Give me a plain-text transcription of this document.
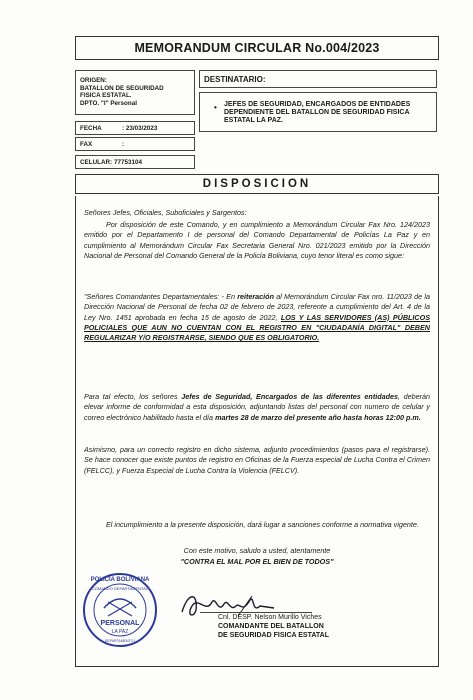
MEMORANDUM CIRCULAR No.004/2023
ORIGEN:
BATALLON DE SEGURIDAD
FISICA ESTATAL.
DPTO. "I" Personal
DESTINATARIO:
• JEFES DE SEGURIDAD, ENCARGADOS DE ENTIDADES DEPENDIENTE DEL BATALLON DE SEGURIDAD FISICA ESTATAL LA PAZ.
FECHA	: 23/03/2023
FAX	:
CELULAR: 77753104
DISPOSICION
Señores Jefes, Oficiales, Suboficiales y Sargentos:
Por disposición de este Comando, y en cumplimiento a Memorándum Circular Fax Nro. 124/2023 emitido por el Departamento I de personal del Comando Departamental de Policías La Paz y en cumplimiento al Memorándum Circular Fax Secretaria General Nro. 021/2023 emitido por la Dirección Nacional de Personal del Comando General de la Policía Boliviana, cuyo tenor literal es como sigue:
"Señores Comandantes Departamentales: - En reiteración al Memorándum Circular Fax nro. 11/2023 de la Dirección Nacional de Personal de fecha 02 de febrero de 2023, referente a cumplimiento del Art. 4 de la Ley Nro. 1451 aprobada en fecha 15 de agosto de 2022, LOS Y LAS SERVIDORES (AS) PÚBLICOS POLICIALES QUE AUN NO CUENTAN CON EL REGISTRO EN "CIUDADANÍA DIGITAL" DEBEN REGULARIZAR Y/O REGISTRARSE, SIENDO QUE ES OBLIGATORIO.
Para tal efecto, los señores Jefes de Seguridad, Encargados de las diferentes entidades, deberán elevar informe de conformidad a esta disposición, adjuntando listas del personal con numero de celular y correo electrónico habilitado hasta el día martes 28 de marzo del presente año hasta horas 12:00 p.m.
Asimismo, para un correcto registro en dicho sistema, adjunto procedimientos (pasos para el registrarse). Se hace conocer que existe puntos de registro en Oficinas de la Fuerza especial de Lucha Contra el Crimen (FELCC), y Fuerza Especial de Lucha Contra la Violencia (FELCV).
El incumplimiento a la presente disposición, dará lugar a sanciones conforme a normativa vigente.
Con este motivo, saludo a usted, atentamente
"CONTRA EL MAL POR EL BIEN DE TODOS"
POLICIA BOLIVIANA
COMANDO DEPARTAMENTAL
PERSONAL
LA PAZ
DEPARTAMENTO I
Cnl. DESP. Nelson Murillo Viches
COMANDANTE DEL BATALLON
DE SEGURIDAD FISICA ESTATAL
